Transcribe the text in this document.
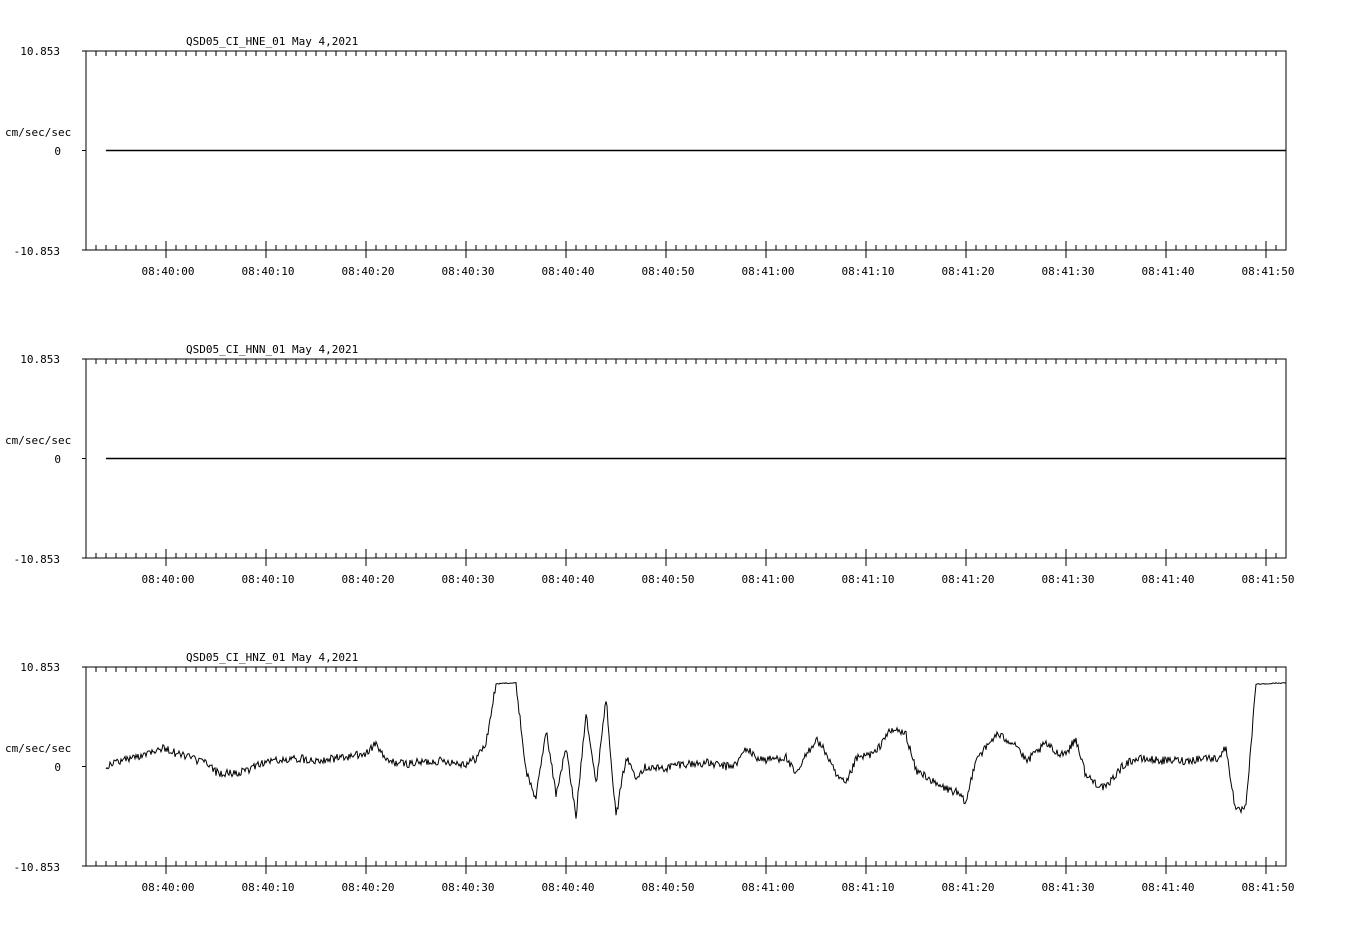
QSD05_CI_HNE_01 May 4,2021
10.853
0
-10.853
cm/sec/sec
08:40:00	08:40:10	08:40:20	08:40:30	08:40:40	08:40:50	08:41:00	08:41:10	08:41:20	08:41:30	08:41:40	08:41:50
QSD05_CI_HNN_01 May 4,2021
10.853
0
-10.853
cm/sec/sec
08:40:00	08:40:10	08:40:20	08:40:30	08:40:40	08:40:50	08:41:00	08:41:10	08:41:20	08:41:30	08:41:40	08:41:50
QSD05_CI_HNZ_01 May 4,2021
10.853
0
-10.853
cm/sec/sec
08:40:00	08:40:10	08:40:20	08:40:30	08:40:40	08:40:50	08:41:00	08:41:10	08:41:20	08:41:30	08:41:40	08:41:50
